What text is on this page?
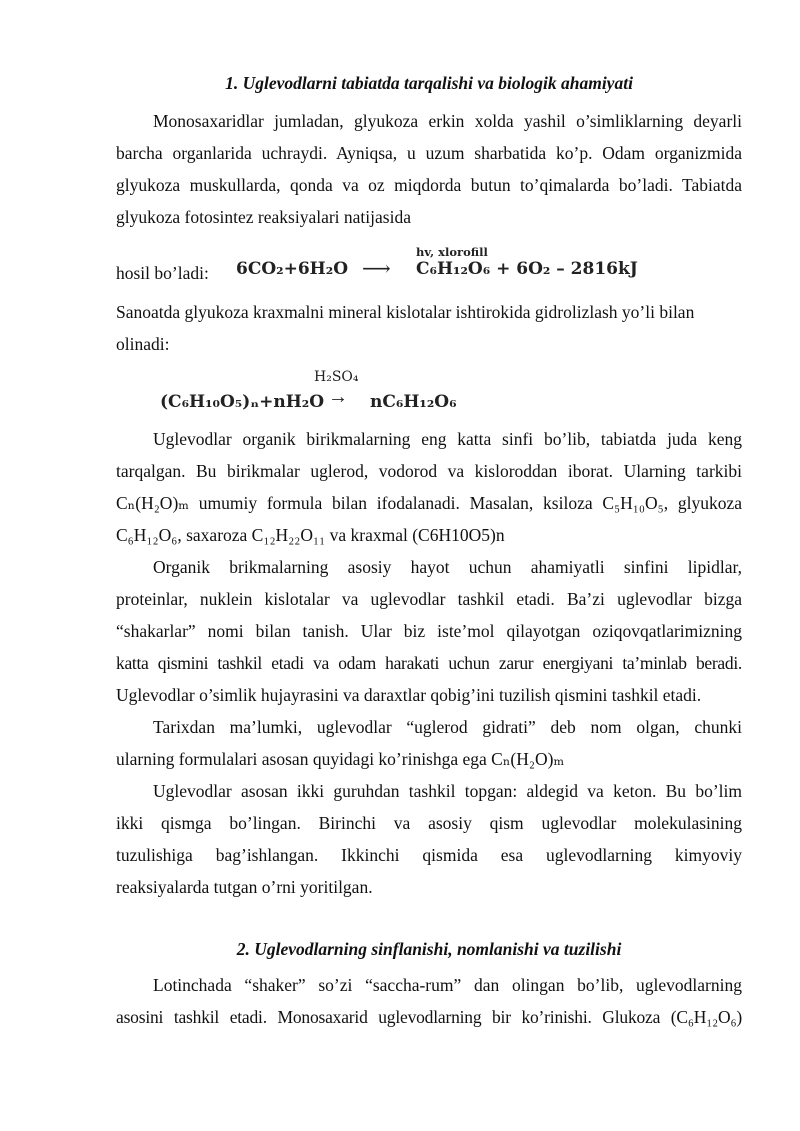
1. Uglevodlarni tabiatda tarqalishi va biologik ahamiyati
Monosaxaridlar jumladan, glyukoza erkin xolda yashil o’simliklarning deyarli
barcha organlarida uchraydi. Ayniqsa, u uzum sharbatida ko’p. Odam organizmida
glyukoza muskullarda, qonda va oz miqdorda butun to’qimalarda bo’ladi. Tabiatda
glyukoza fotosintez reaksiyalari natijasida
hosil bo’ladi: 6CO₂+6H₂O
hv, xlorofill
⟶ C₆H₁₂O₆ + 6O₂ – 2816kJ
Sanoatda glyukoza kraxmalni mineral kislotalar ishtirokida gidrolizlash yo’li bilan
olinadi:
(C₆H₁₀O₅)ₙ+nH₂O
H₂SO₄
→ nC₆H₁₂O₆
Uglevodlar organik birikmalarning eng katta sinfi bo’lib, tabiatda juda keng
tarqalgan. Bu birikmalar uglerod, vodorod va kisloroddan iborat. Ularning tarkibi
Cₙ(H₂O)ₘ umumiy formula bilan ifodalanadi. Masalan, ksiloza C₅H₁₀O₅, glyukoza
C₆H₁₂O₆, saxaroza C₁₂H₂₂O₁₁ va kraxmal (C6H10O5)n
Organik brikmalarning asosiy hayot uchun ahamiyatli sinfini lipidlar,
proteinlar, nuklein kislotalar va uglevodlar tashkil etadi. Ba’zi uglevodlar bizga
“shakarlar” nomi bilan tanish. Ular biz iste’mol qilayotgan oziqovqatlarimizning
katta qismini tashkil etadi va odam harakati uchun zarur energiyani ta’minlab beradi.
Uglevodlar o’simlik hujayrasini va daraxtlar qobig’ini tuzilish qismini tashkil etadi.
Tarixdan ma’lumki, uglevodlar “uglerod gidrati” deb nom olgan, chunki
ularning formulalari asosan quyidagi ko’rinishga ega Cₙ(H₂O)ₘ
Uglevodlar asosan ikki guruhdan tashkil topgan: aldegid va keton. Bu bo’lim
ikki qismga bo’lingan. Birinchi va asosiy qism uglevodlar molekulasining
tuzulishiga bag’ishlangan. Ikkinchi qismida esa uglevodlarning kimyoviy
reaksiyalarda tutgan o’rni yoritilgan.
2. Uglevodlarning sinflanishi, nomlanishi va tuzilishi
Lotinchada “shaker” so’zi “saccha-rum” dan olingan bo’lib, uglevodlarning
asosini tashkil etadi. Monosaxarid uglevodlarning bir ko’rinishi. Glukoza (C₆H₁₂O₆)
